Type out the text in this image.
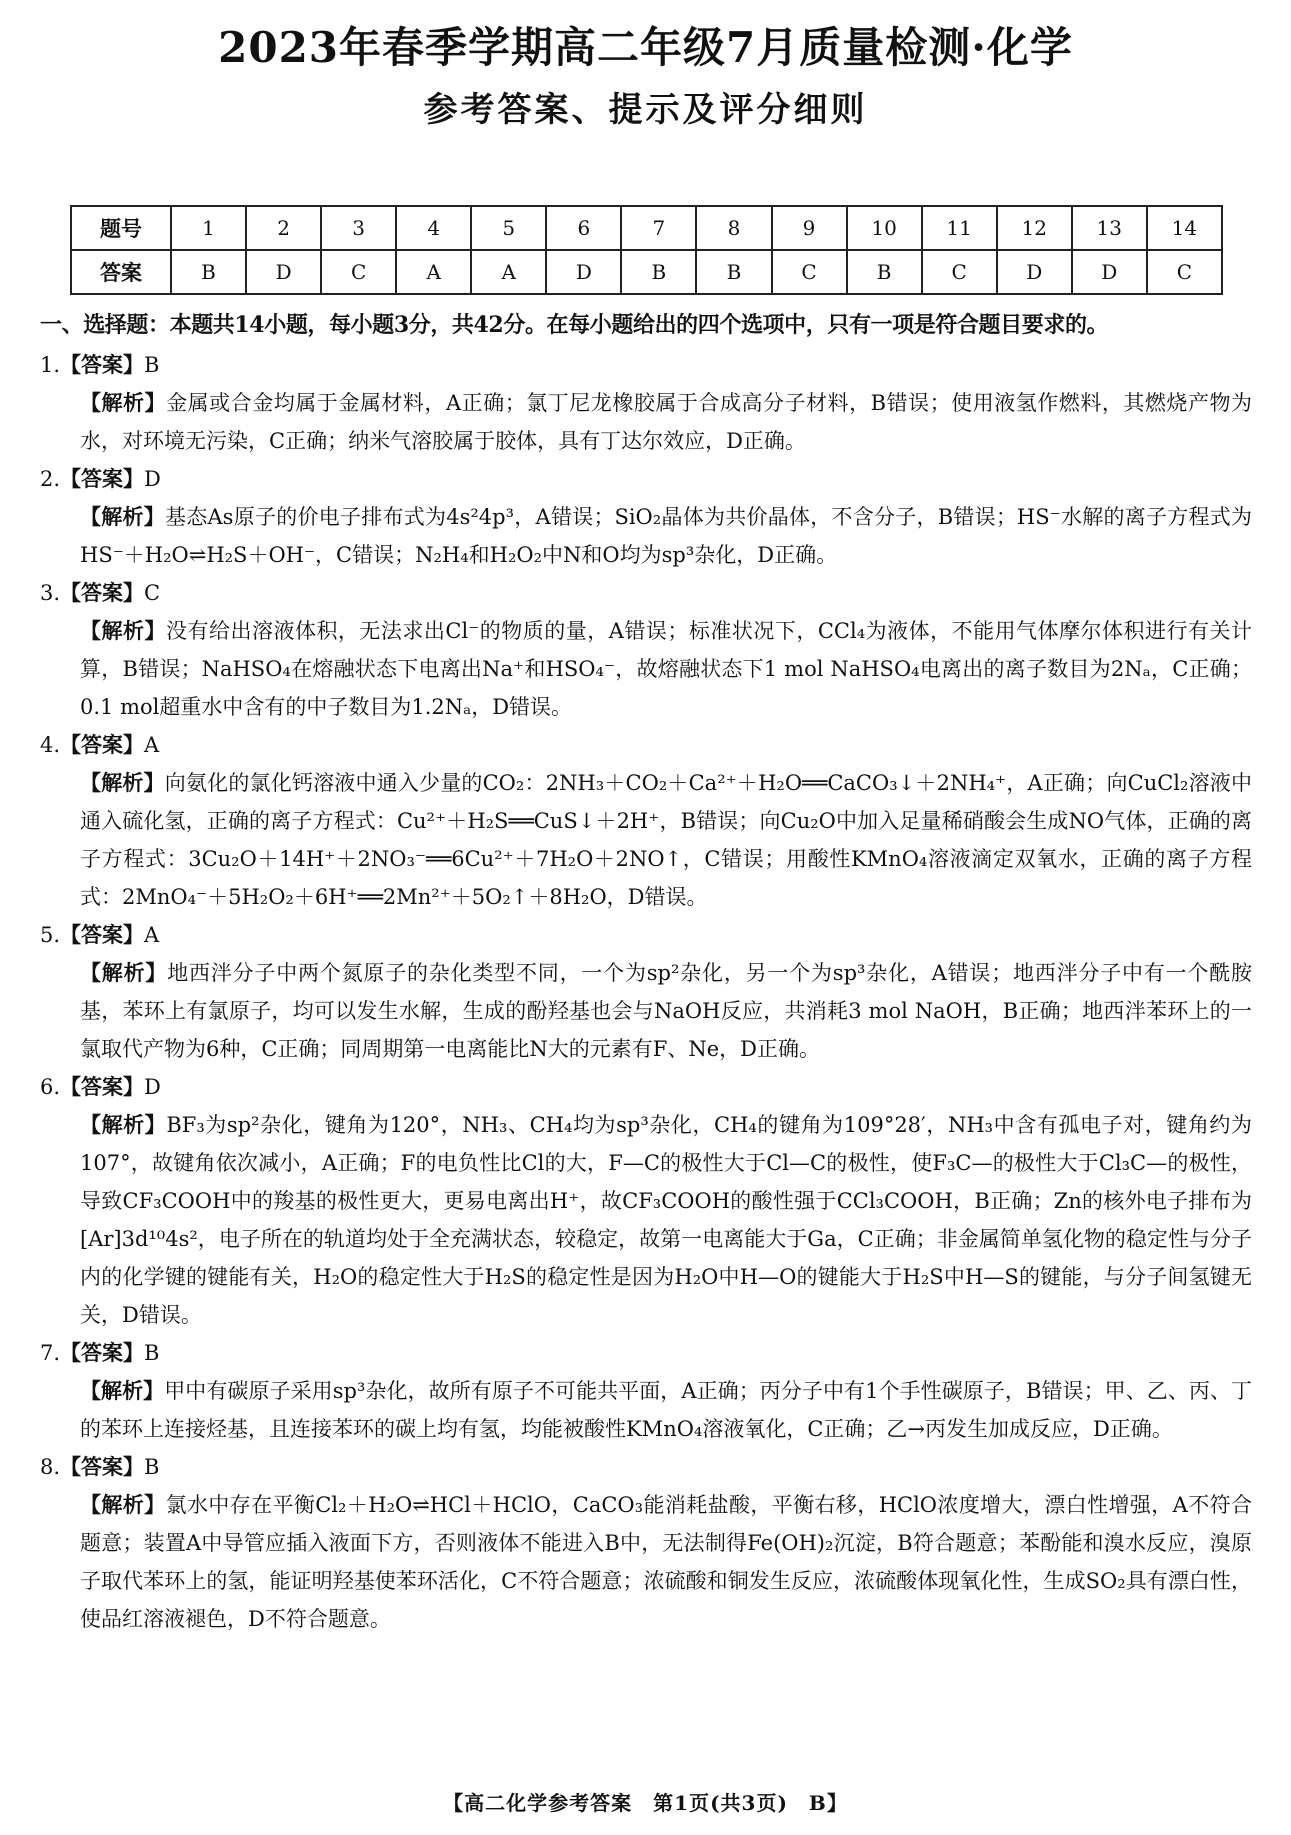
2023年春季学期高二年级7月质量检测·化学
参考答案、提示及评分细则
题号	1	2	3	4	5	6	7	8	9	10	11	12	13	14
答案	B	D	C	A	A	D	B	B	C	B	C	D	D	C
一、选择题：本题共14小题，每小题3分，共42分。在每小题给出的四个选项中，只有一项是符合题目要求的。
1.【答案】B
【解析】金属或合金均属于金属材料，A正确；氯丁尼龙橡胶属于合成高分子材料，B错误；使用液氢作燃料，其燃烧产物为水，对环境无污染，C正确；纳米气溶胶属于胶体，具有丁达尔效应，D正确。
2.【答案】D
【解析】基态As原子的价电子排布式为4s²4p³，A错误；SiO₂晶体为共价晶体，不含分子，B错误；HS⁻水解的离子方程式为HS⁻＋H₂O⇌H₂S＋OH⁻，C错误；N₂H₄和H₂O₂中N和O均为sp³杂化，D正确。
3.【答案】C
【解析】没有给出溶液体积，无法求出Cl⁻的物质的量，A错误；标准状况下，CCl₄为液体，不能用气体摩尔体积进行有关计算，B错误；NaHSO₄在熔融状态下电离出Na⁺和HSO₄⁻，故熔融状态下1 mol NaHSO₄电离出的离子数目为2Nₐ，C正确；0.1 mol超重水中含有的中子数目为1.2Nₐ，D错误。
4.【答案】A
【解析】向氨化的氯化钙溶液中通入少量的CO₂：2NH₃＋CO₂＋Ca²⁺＋H₂O══CaCO₃↓＋2NH₄⁺，A正确；向CuCl₂溶液中通入硫化氢，正确的离子方程式：Cu²⁺＋H₂S══CuS↓＋2H⁺，B错误；向Cu₂O中加入足量稀硝酸会生成NO气体，正确的离子方程式：3Cu₂O＋14H⁺＋2NO₃⁻══6Cu²⁺＋7H₂O＋2NO↑，C错误；用酸性KMnO₄溶液滴定双氧水，正确的离子方程式：2MnO₄⁻＋5H₂O₂＋6H⁺══2Mn²⁺＋5O₂↑＋8H₂O，D错误。
5.【答案】A
【解析】地西泮分子中两个氮原子的杂化类型不同，一个为sp²杂化，另一个为sp³杂化，A错误；地西泮分子中有一个酰胺基，苯环上有氯原子，均可以发生水解，生成的酚羟基也会与NaOH反应，共消耗3 mol NaOH，B正确；地西泮苯环上的一氯取代产物为6种，C正确；同周期第一电离能比N大的元素有F、Ne，D正确。
6.【答案】D
【解析】BF₃为sp²杂化，键角为120°，NH₃、CH₄均为sp³杂化，CH₄的键角为109°28′，NH₃中含有孤电子对，键角约为107°，故键角依次减小，A正确；F的电负性比Cl的大，F—C的极性大于Cl—C的极性，使F₃C—的极性大于Cl₃C—的极性，导致CF₃COOH中的羧基的极性更大，更易电离出H⁺，故CF₃COOH的酸性强于CCl₃COOH，B正确；Zn的核外电子排布为[Ar]3d¹⁰4s²，电子所在的轨道均处于全充满状态，较稳定，故第一电离能大于Ga，C正确；非金属简单氢化物的稳定性与分子内的化学键的键能有关，H₂O的稳定性大于H₂S的稳定性是因为H₂O中H—O的键能大于H₂S中H—S的键能，与分子间氢键无关，D错误。
7.【答案】B
【解析】甲中有碳原子采用sp³杂化，故所有原子不可能共平面，A正确；丙分子中有1个手性碳原子，B错误；甲、乙、丙、丁的苯环上连接烃基，且连接苯环的碳上均有氢，均能被酸性KMnO₄溶液氧化，C正确；乙→丙发生加成反应，D正确。
8.【答案】B
【解析】氯水中存在平衡Cl₂＋H₂O⇌HCl＋HClO，CaCO₃能消耗盐酸，平衡右移，HClO浓度增大，漂白性增强，A不符合题意；装置A中导管应插入液面下方，否则液体不能进入B中，无法制得Fe(OH)₂沉淀，B符合题意；苯酚能和溴水反应，溴原子取代苯环上的氢，能证明羟基使苯环活化，C不符合题意；浓硫酸和铜发生反应，浓硫酸体现氧化性，生成SO₂具有漂白性，使品红溶液褪色，D不符合题意。
【高二化学参考答案　第1页(共3页)　B】
